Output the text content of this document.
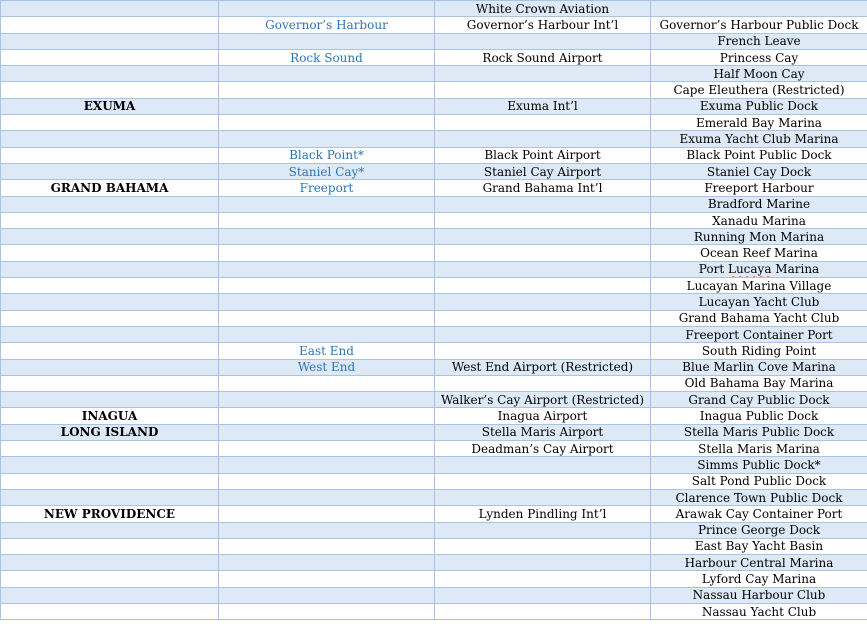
		White Crown Aviation	
	Governor’s Harbour	Governor’s Harbour Int’l	Governor’s Harbour Public Dock
			French Leave
	Rock Sound	Rock Sound Airport	Princess Cay
			Half Moon Cay
			Cape Eleuthera (Restricted)
EXUMA		Exuma Int’l	Exuma Public Dock
			Emerald Bay Marina
			Exuma Yacht Club Marina
	Black Point*	Black Point Airport	Black Point Public Dock
	Staniel Cay*	Staniel Cay Airport	Staniel Cay Dock
GRAND BAHAMA	Freeport	Grand Bahama Int’l	Freeport Harbour
			Bradford Marine
			Xanadu Marina
			Running Mon Marina
			Ocean Reef Marina
			Port Lucaya Marina
			Lucayan Marina Village
			Lucayan Yacht Club
			Grand Bahama Yacht Club
			Freeport Container Port
	East End		South Riding Point
	West End	West End Airport (Restricted)	Blue Marlin Cove Marina
			Old Bahama Bay Marina
		Walker’s Cay Airport (Restricted)	Grand Cay Public Dock
INAGUA		Inagua Airport	Inagua Public Dock
LONG ISLAND		Stella Maris Airport	Stella Maris Public Dock
		Deadman’s Cay Airport	Stella Maris Marina
			Simms Public Dock*
			Salt Pond Public Dock
			Clarence Town Public Dock
NEW PROVIDENCE		Lynden Pindling Int’l	Arawak Cay Container Port
			Prince George Dock
			East Bay Yacht Basin
			Harbour Central Marina
			Lyford Cay Marina
			Nassau Harbour Club
			Nassau Yacht Club
